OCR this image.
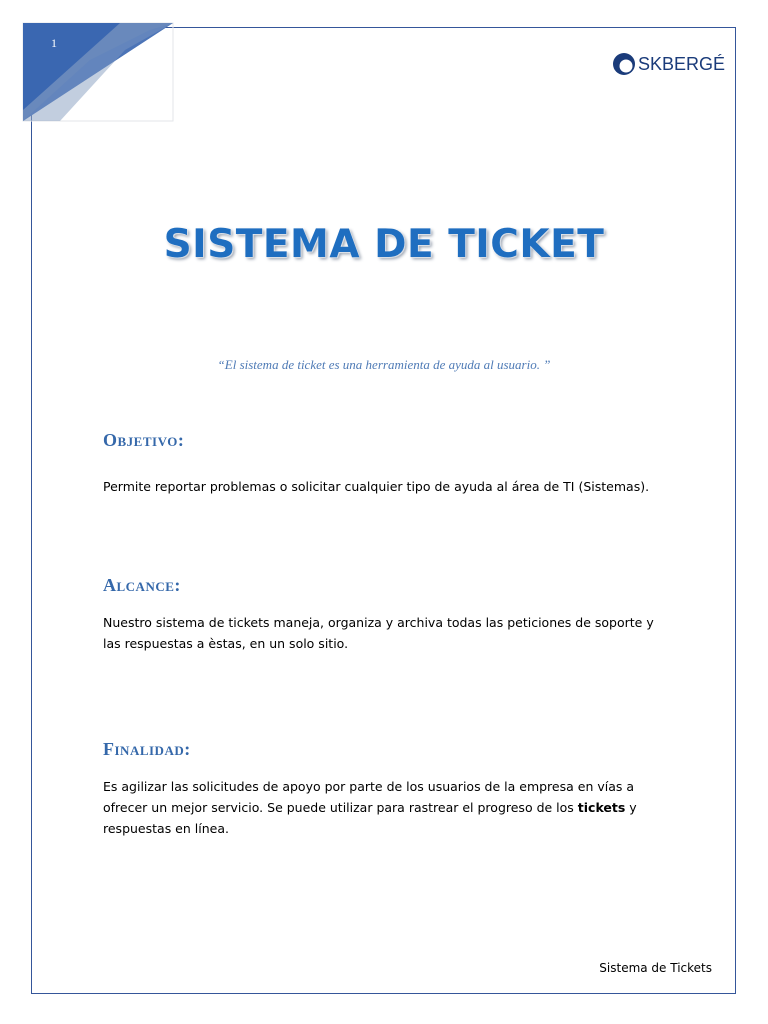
1
SKBERGÉ
SISTEMA DE TICKET
“El sistema de ticket es una herramienta de ayuda al usuario. ”
Objetivo:
Permite reportar problemas o solicitar cualquier tipo de ayuda al área de TI (Sistemas).
Alcance:
Nuestro sistema de tickets maneja, organiza y archiva todas las peticiones de soporte y las respuestas a èstas, en un solo sitio.
Finalidad:
Es agilizar las solicitudes de apoyo por parte de los usuarios de la empresa en vías a ofrecer un mejor servicio. Se puede utilizar para rastrear el progreso de los tickets y respuestas en línea.
Sistema de Tickets
